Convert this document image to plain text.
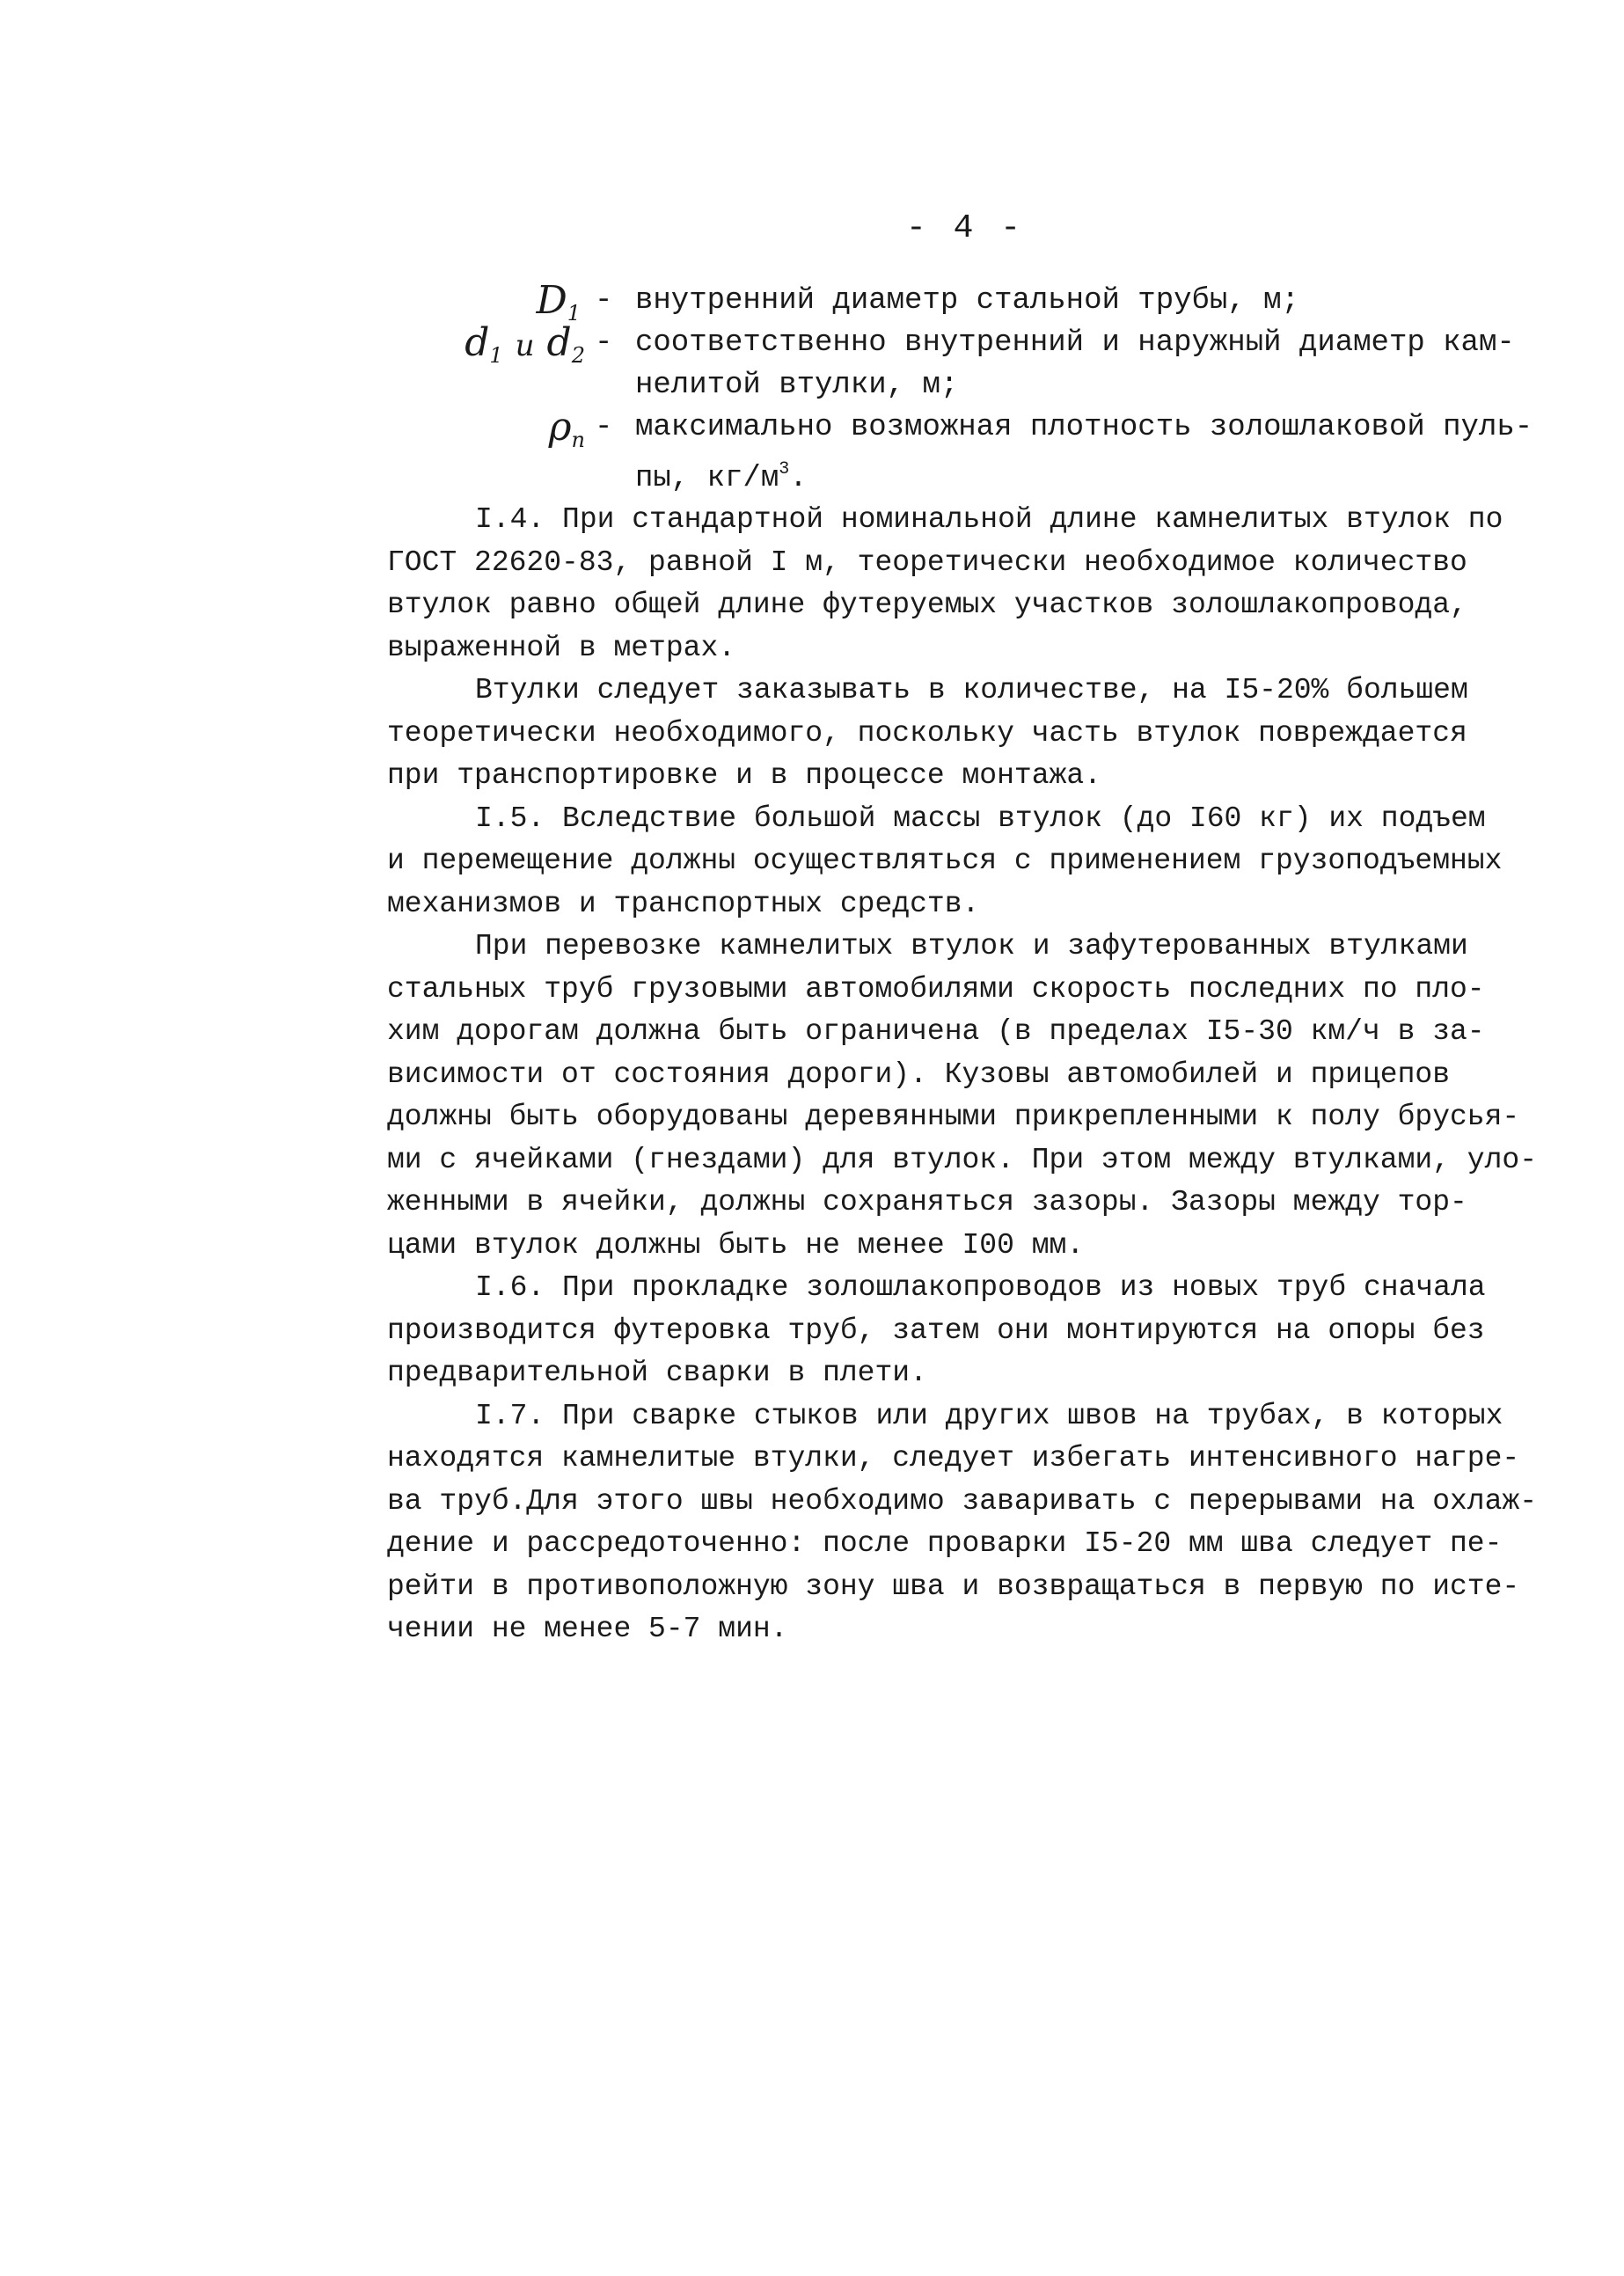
- 4 -
$D_1$ - внутренний диаметр стальной трубы, м;
$d_1$ и $d_2$ - соответственно внутренний и наружный диаметр кам-
нелитой втулки, м;
$\rho_п$ - максимально возможная плотность золошлаковой пуль-
пы, $кг/м^3$.
I.4. При стандартной номинальной длине камнелитых втулок по
ГОСТ 22620-83, равной I м, теоретически необходимое количество
втулок равно общей длине футеруемых участков золошлакопровода,
выраженной в метрах.
Втулки следует заказывать в количестве, на I5-20% большем
теоретически необходимого, поскольку часть втулок повреждается
при транспортировке и в процессе монтажа.
I.5. Вследствие большой массы втулок (до I60 кг) их подъем
и перемещение должны осуществляться с применением грузоподъемных
механизмов и транспортных средств.
При перевозке камнелитых втулок и зафутерованных втулками
стальных труб грузовыми автомобилями скорость последних по пло-
хим дорогам должна быть ограничена (в пределах I5-30 км/ч в за-
висимости от состояния дороги). Кузовы автомобилей и прицепов
должны быть оборудованы деревянными прикрепленными к полу брусья-
ми с ячейками (гнездами) для втулок. При этом между втулками, уло-
женными в ячейки, должны сохраняться зазоры. Зазоры между тор-
цами втулок должны быть не менее I00 мм.
I.6. При прокладке золошлакопроводов из новых труб сначала
производится футеровка труб, затем они монтируются на опоры без
предварительной сварки в плети.
I.7. При сварке стыков или других швов на трубах, в которых
находятся камнелитые втулки, следует избегать интенсивного нагре-
ва труб.Для этого швы необходимо заваривать с перерывами на охлаж-
дение и рассредоточенно: после проварки I5-20 мм шва следует пе-
рейти в противоположную зону шва и возвращаться в первую по исте-
чении не менее 5-7 мин.
